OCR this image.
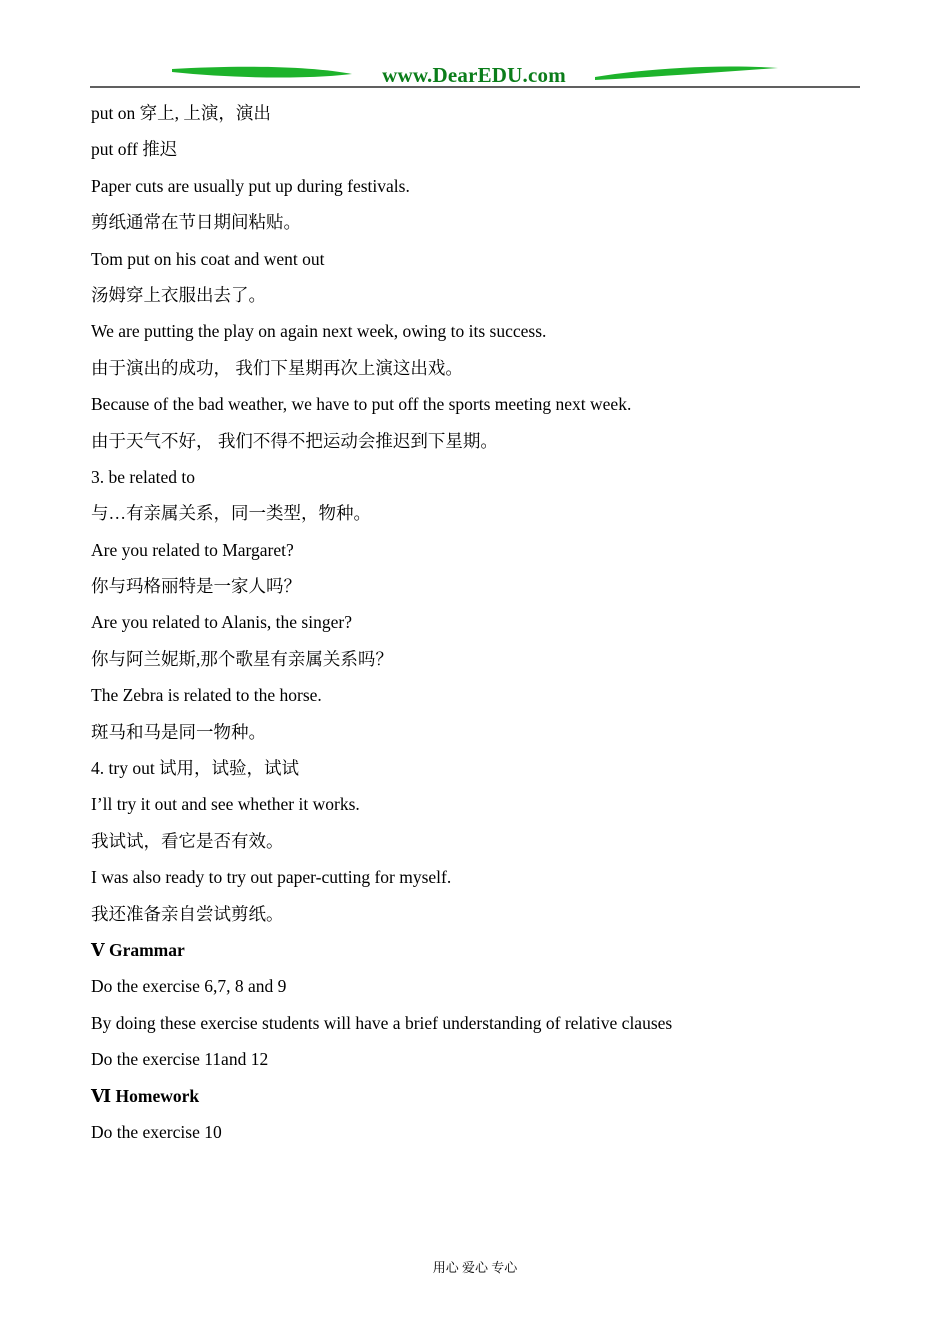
www.DearEDU.com
put on 穿上, 上演，演出
put off 推迟
Paper cuts are usually put up during festivals.
剪纸通常在节日期间粘贴。
Tom put on his coat and went out
汤姆穿上衣服出去了。
We are putting the play on again next week, owing to its success.
由于演出的成功， 我们下星期再次上演这出戏。
Because of the bad weather, we have to put off the sports meeting next week.
由于天气不好， 我们不得不把运动会推迟到下星期。
3. be related to
与…有亲属关系，同一类型，物种。
Are you related to Margaret?
你与玛格丽特是一家人吗？
Are you related to Alanis, the singer?
你与阿兰妮斯,那个歌星有亲属关系吗？
The Zebra is related to the horse.
斑马和马是同一物种。
4. try out 试用，试验，试试
I’ll try it out and see whether it works.
我试试，看它是否有效。
I was also ready to try out paper-cutting for myself.
我还准备亲自尝试剪纸。
Ⅴ Grammar
Do the exercise 6,7, 8 and 9
By doing these exercise students will have a brief understanding of relative clauses
Do the exercise 11and 12
Ⅵ Homework
Do the exercise 10
用心 爱心 专心
